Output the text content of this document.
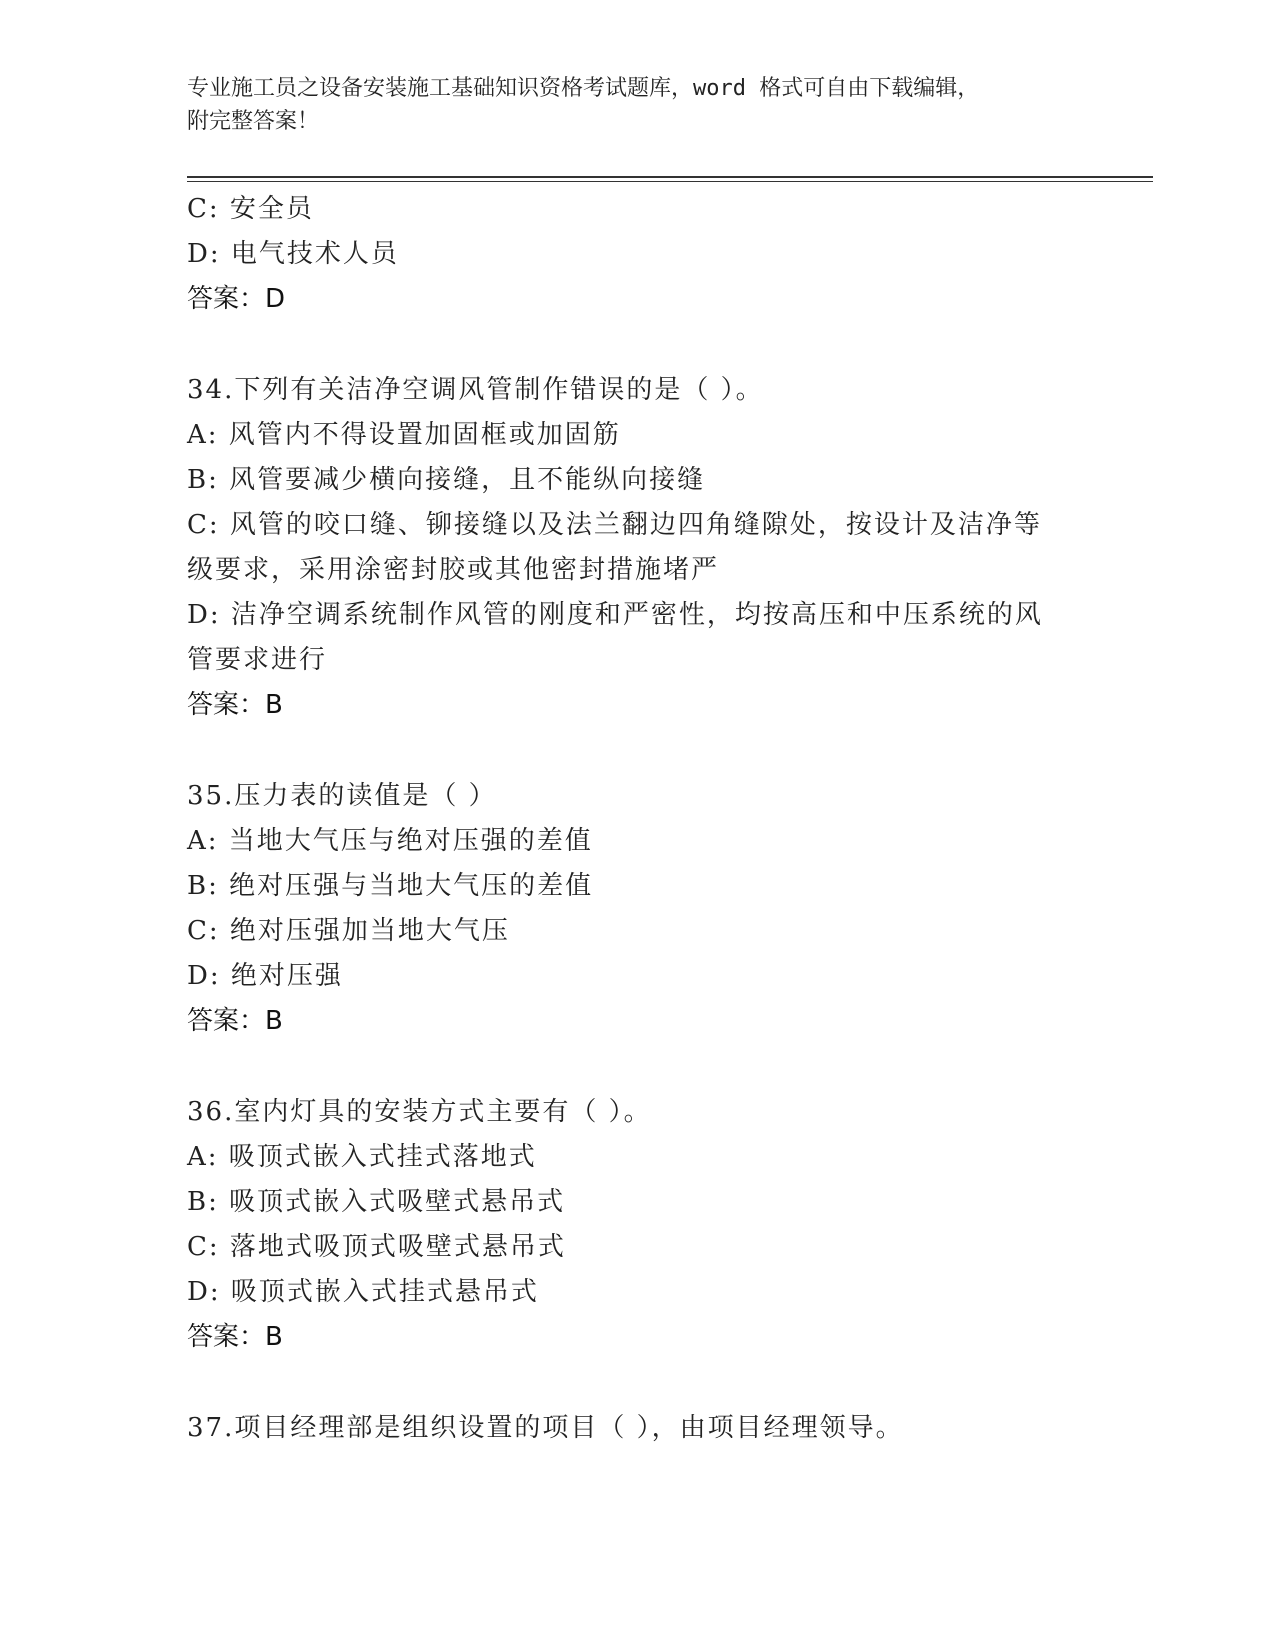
专业施工员之设备安装施工基础知识资格考试题库，word 格式可自由下载编辑，
附完整答案！
C: 安全员
D: 电气技术人员
答案：D
34.下列有关洁净空调风管制作错误的是（ ）。
A: 风管内不得设置加固框或加固筋
B: 风管要减少横向接缝，且不能纵向接缝
C: 风管的咬口缝、铆接缝以及法兰翻边四角缝隙处，按设计及洁净等
级要求，采用涂密封胶或其他密封措施堵严
D: 洁净空调系统制作风管的刚度和严密性，均按高压和中压系统的风
管要求进行
答案：B
35.压力表的读值是（ ）
A: 当地大气压与绝对压强的差值
B: 绝对压强与当地大气压的差值
C: 绝对压强加当地大气压
D: 绝对压强
答案：B
36.室内灯具的安装方式主要有（ ）。
A: 吸顶式嵌入式挂式落地式
B: 吸顶式嵌入式吸壁式悬吊式
C: 落地式吸顶式吸壁式悬吊式
D: 吸顶式嵌入式挂式悬吊式
答案：B
37.项目经理部是组织设置的项目（ ），由项目经理领导。
